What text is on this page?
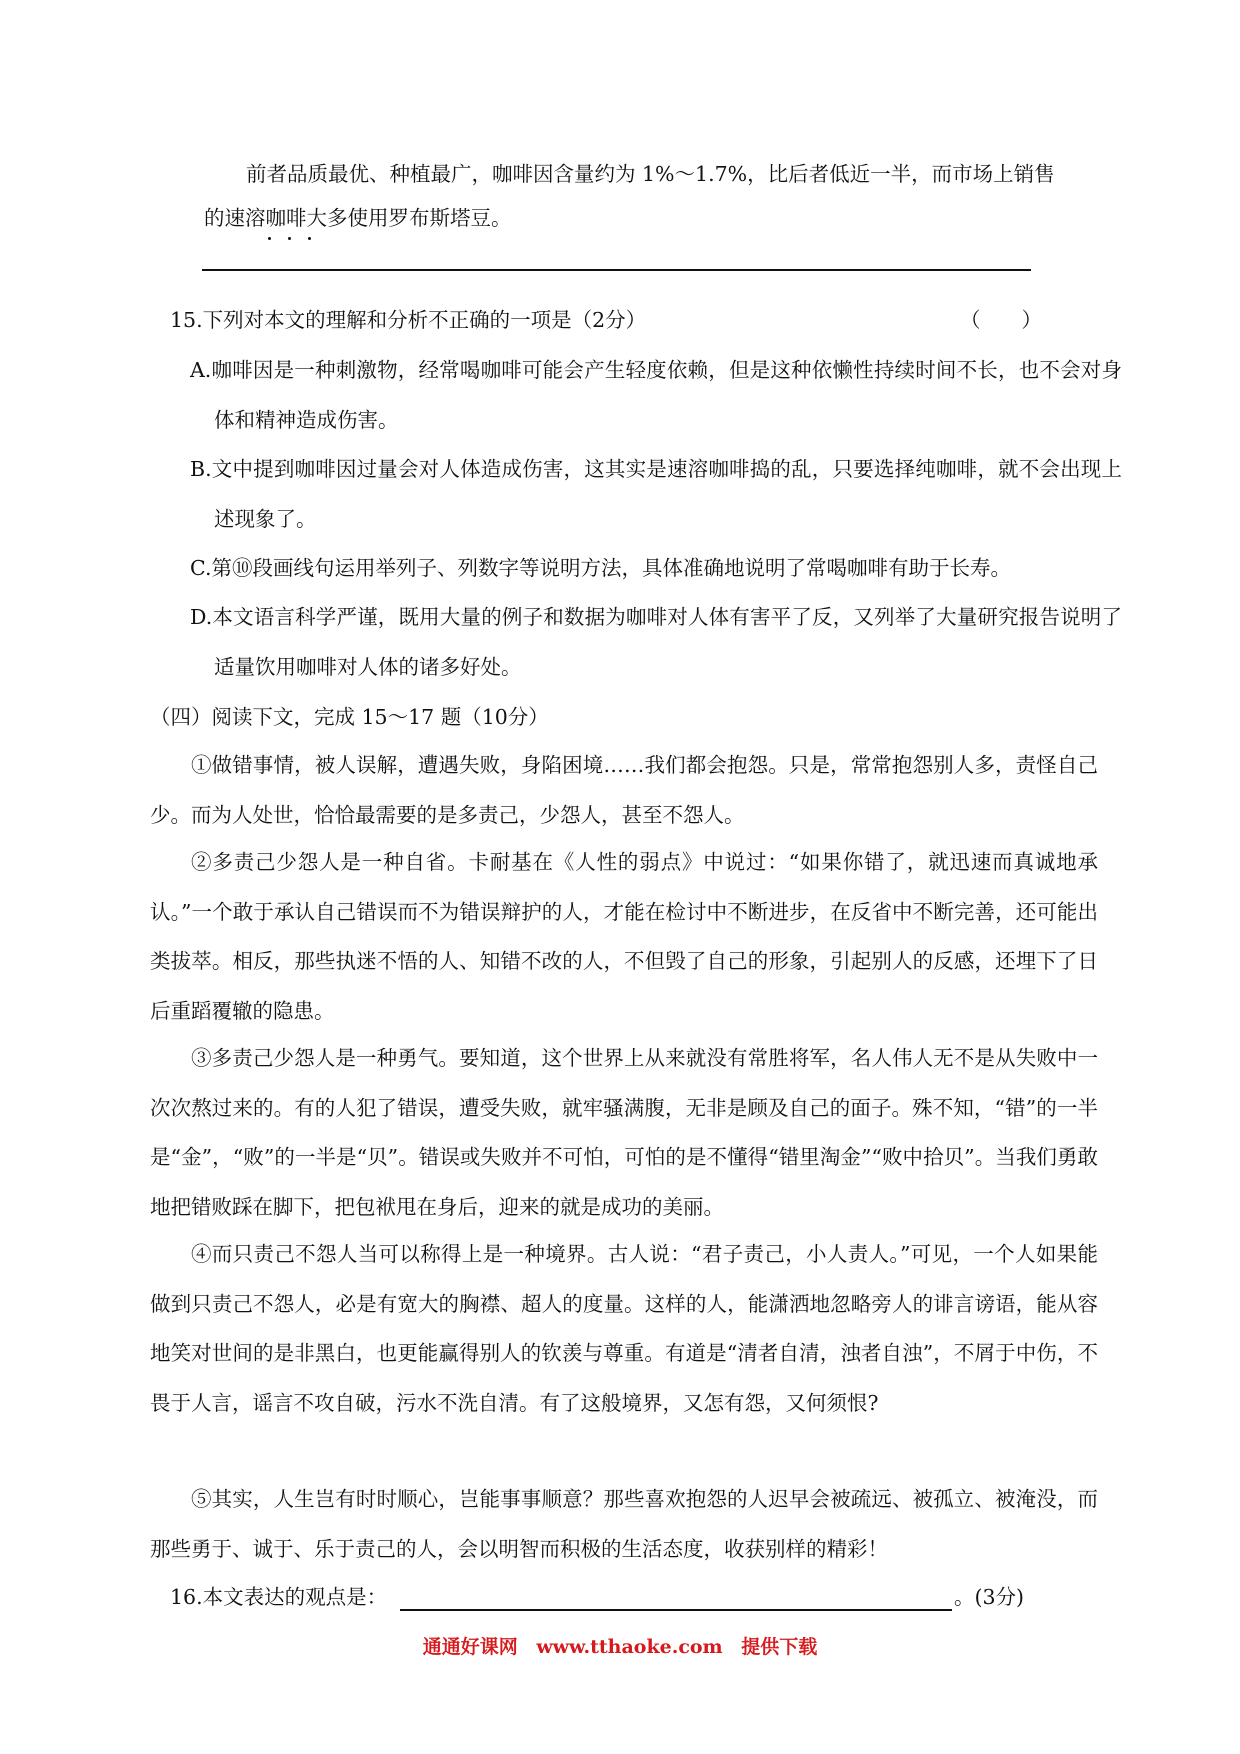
前者品质最优、种植最广，咖啡因含量约为 1%～1.7%，比后者低近一半，而市场上销售
的速溶咖啡大多使用罗布斯塔豆。
15.下列对本文的理解和分析不正确的一项是（2分）	（　　）
A.咖啡因是一种刺激物，经常喝咖啡可能会产生轻度依赖，但是这种依懒性持续时间不长，也不会对身体和精神造成伤害。
B.文中提到咖啡因过量会对人体造成伤害，这其实是速溶咖啡捣的乱，只要选择纯咖啡，就不会出现上述现象了。
C.第⑩段画线句运用举列子、列数字等说明方法，具体准确地说明了常喝咖啡有助于长寿。
D.本文语言科学严谨，既用大量的例子和数据为咖啡对人体有害平了反，又列举了大量研究报告说明了适量饮用咖啡对人体的诸多好处。
（四）阅读下文，完成 15～17 题（10分）
①做错事情，被人误解，遭遇失败，身陷困境……我们都会抱怨。只是，常常抱怨别人多，责怪自己少。而为人处世，恰恰最需要的是多责己，少怨人，甚至不怨人。
②多责己少怨人是一种自省。卡耐基在《人性的弱点》中说过：“如果你错了，就迅速而真诚地承认。”一个敢于承认自己错误而不为错误辩护的人，才能在检讨中不断进步，在反省中不断完善，还可能出类拔萃。相反，那些执迷不悟的人、知错不改的人，不但毁了自己的形象，引起别人的反感，还埋下了日后重蹈覆辙的隐患。
③多责己少怨人是一种勇气。要知道，这个世界上从来就没有常胜将军，名人伟人无不是从失败中一次次熬过来的。有的人犯了错误，遭受失败，就牢骚满腹，无非是顾及自己的面子。殊不知，“错”的一半是“金”，“败”的一半是“贝”。错误或失败并不可怕，可怕的是不懂得“错里淘金”“败中拾贝”。当我们勇敢地把错败踩在脚下，把包袱甩在身后，迎来的就是成功的美丽。
④而只责己不怨人当可以称得上是一种境界。古人说：“君子责己，小人责人。”可见，一个人如果能做到只责己不怨人，必是有宽大的胸襟、超人的度量。这样的人，能潇洒地忽略旁人的诽言谤语，能从容地笑对世间的是非黑白，也更能赢得别人的钦羡与尊重。有道是“清者自清，浊者自浊”，不屑于中伤，不畏于人言，谣言不攻自破，污水不洗自清。有了这般境界，又怎有怨，又何须恨?
⑤其实，人生岂有时时顺心，岂能事事顺意？那些喜欢抱怨的人迟早会被疏远、被孤立、被淹没，而那些勇于、诚于、乐于责己的人，会以明智而积极的生活态度，收获别样的精彩！
16.本文表达的观点是：	。(3分)
通通好课网 www.tthaoke.com 提供下载
